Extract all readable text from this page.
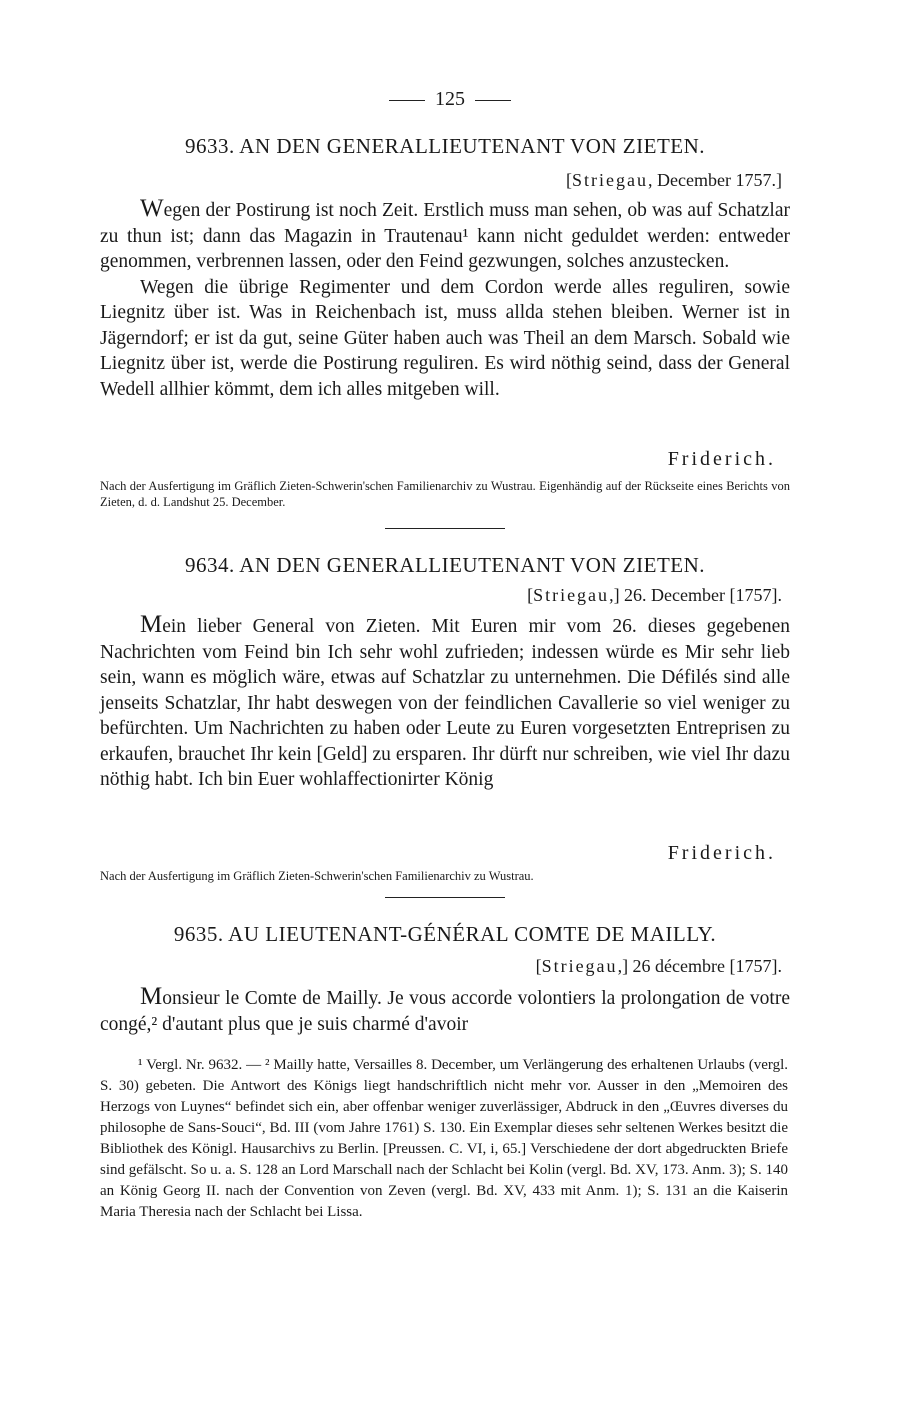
125
9633. AN DEN GENERALLIEUTENANT VON ZIETEN.
[Striegau, December 1757.]

Wegen der Postirung ist noch Zeit. Erstlich muss man sehen, ob was auf Schatzlar zu thun ist; dann das Magazin in Trautenau¹ kann nicht geduldet werden: entweder genommen, verbrennen lassen, oder den Feind gezwungen, solches anzustecken.

Wegen die übrige Regimenter und dem Cordon werde alles reguliren, sowie Liegnitz über ist. Was in Reichenbach ist, muss allda stehen bleiben. Werner ist in Jägerndorf; er ist da gut, seine Güter haben auch was Theil an dem Marsch. Sobald wie Liegnitz über ist, werde die Postirung reguliren. Es wird nöthig seind, dass der General Wedell allhier kömmt, dem ich alles mitgeben will.

Friderich.
Nach der Ausfertigung im Gräflich Zieten-Schwerin'schen Familienarchiv zu Wustrau. Eigenhändig auf der Rückseite eines Berichts von Zieten, d. d. Landshut 25. December.
9634. AN DEN GENERALLIEUTENANT VON ZIETEN.
[Striegau,] 26. December [1757].

Mein lieber General von Zieten. Mit Euren mir vom 26. dieses gegebenen Nachrichten vom Feind bin Ich sehr wohl zufrieden; indessen würde es Mir sehr lieb sein, wann es möglich wäre, etwas auf Schatzlar zu unternehmen. Die Défilés sind alle jenseits Schatzlar, Ihr habt deswegen von der feindlichen Cavallerie so viel weniger zu befürchten. Um Nachrichten zu haben oder Leute zu Euren vorgesetzten Entreprisen zu erkaufen, brauchet Ihr kein [Geld] zu ersparen. Ihr dürft nur schreiben, wie viel Ihr dazu nöthig habt. Ich bin Euer wohlaffectionirter König

Friderich.
Nach der Ausfertigung im Gräflich Zieten-Schwerin'schen Familienarchiv zu Wustrau.
9635. AU LIEUTENANT-GÉNÉRAL COMTE DE MAILLY.
[Striegau,] 26 décembre [1757].

Monsieur le Comte de Mailly. Je vous accorde volontiers la prolongation de votre congé,² d'autant plus que je suis charmé d'avoir

¹ Vergl. Nr. 9632. — ² Mailly hatte, Versailles 8. December, um Verlängerung des erhaltenen Urlaubs (vergl. S. 30) gebeten. Die Antwort des Königs liegt handschriftlich nicht mehr vor. Ausser in den „Memoiren des Herzogs von Luynes“ befindet sich ein, aber offenbar weniger zuverlässiger, Abdruck in den „Œuvres diverses du philosophe de Sans-Souci“, Bd. III (vom Jahre 1761) S. 130. Ein Exemplar dieses sehr seltenen Werkes besitzt die Bibliothek des Königl. Hausarchivs zu Berlin. [Preussen. C. VI, i, 65.] Verschiedene der dort abgedruckten Briefe sind gefälscht. So u. a. S. 128 an Lord Marschall nach der Schlacht bei Kolin (vergl. Bd. XV, 173. Anm. 3); S. 140 an König Georg II. nach der Convention von Zeven (vergl. Bd. XV, 433 mit Anm. 1); S. 131 an die Kaiserin Maria Theresia nach der Schlacht bei Lissa.
